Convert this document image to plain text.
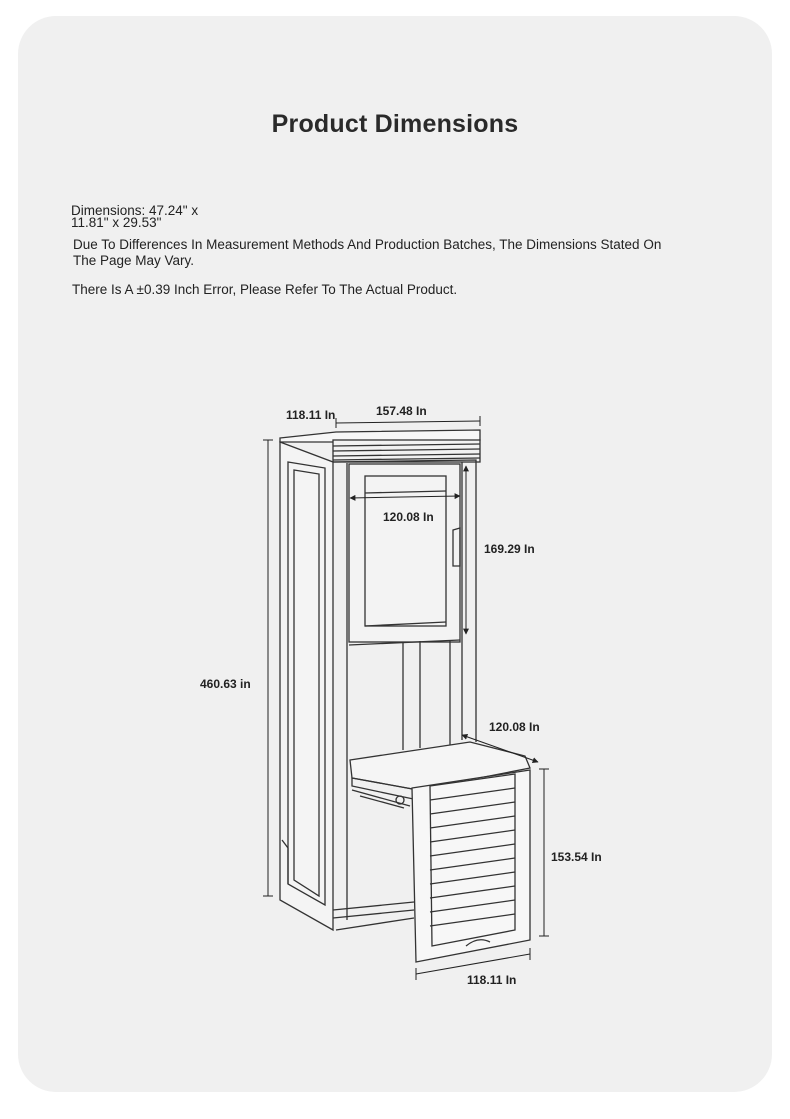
Product Dimensions
Dimensions: 47.24" x 11.81" x 29.53"
Due To Differences In Measurement Methods And Production Batches, The Dimensions Stated On The Page May Vary.
There Is A ±0.39 Inch Error, Please Refer To The Actual Product.
118.11 In	157.48 In
120.08 In
169.29 In
460.63 in
120.08 In
153.54 In
118.11 In
